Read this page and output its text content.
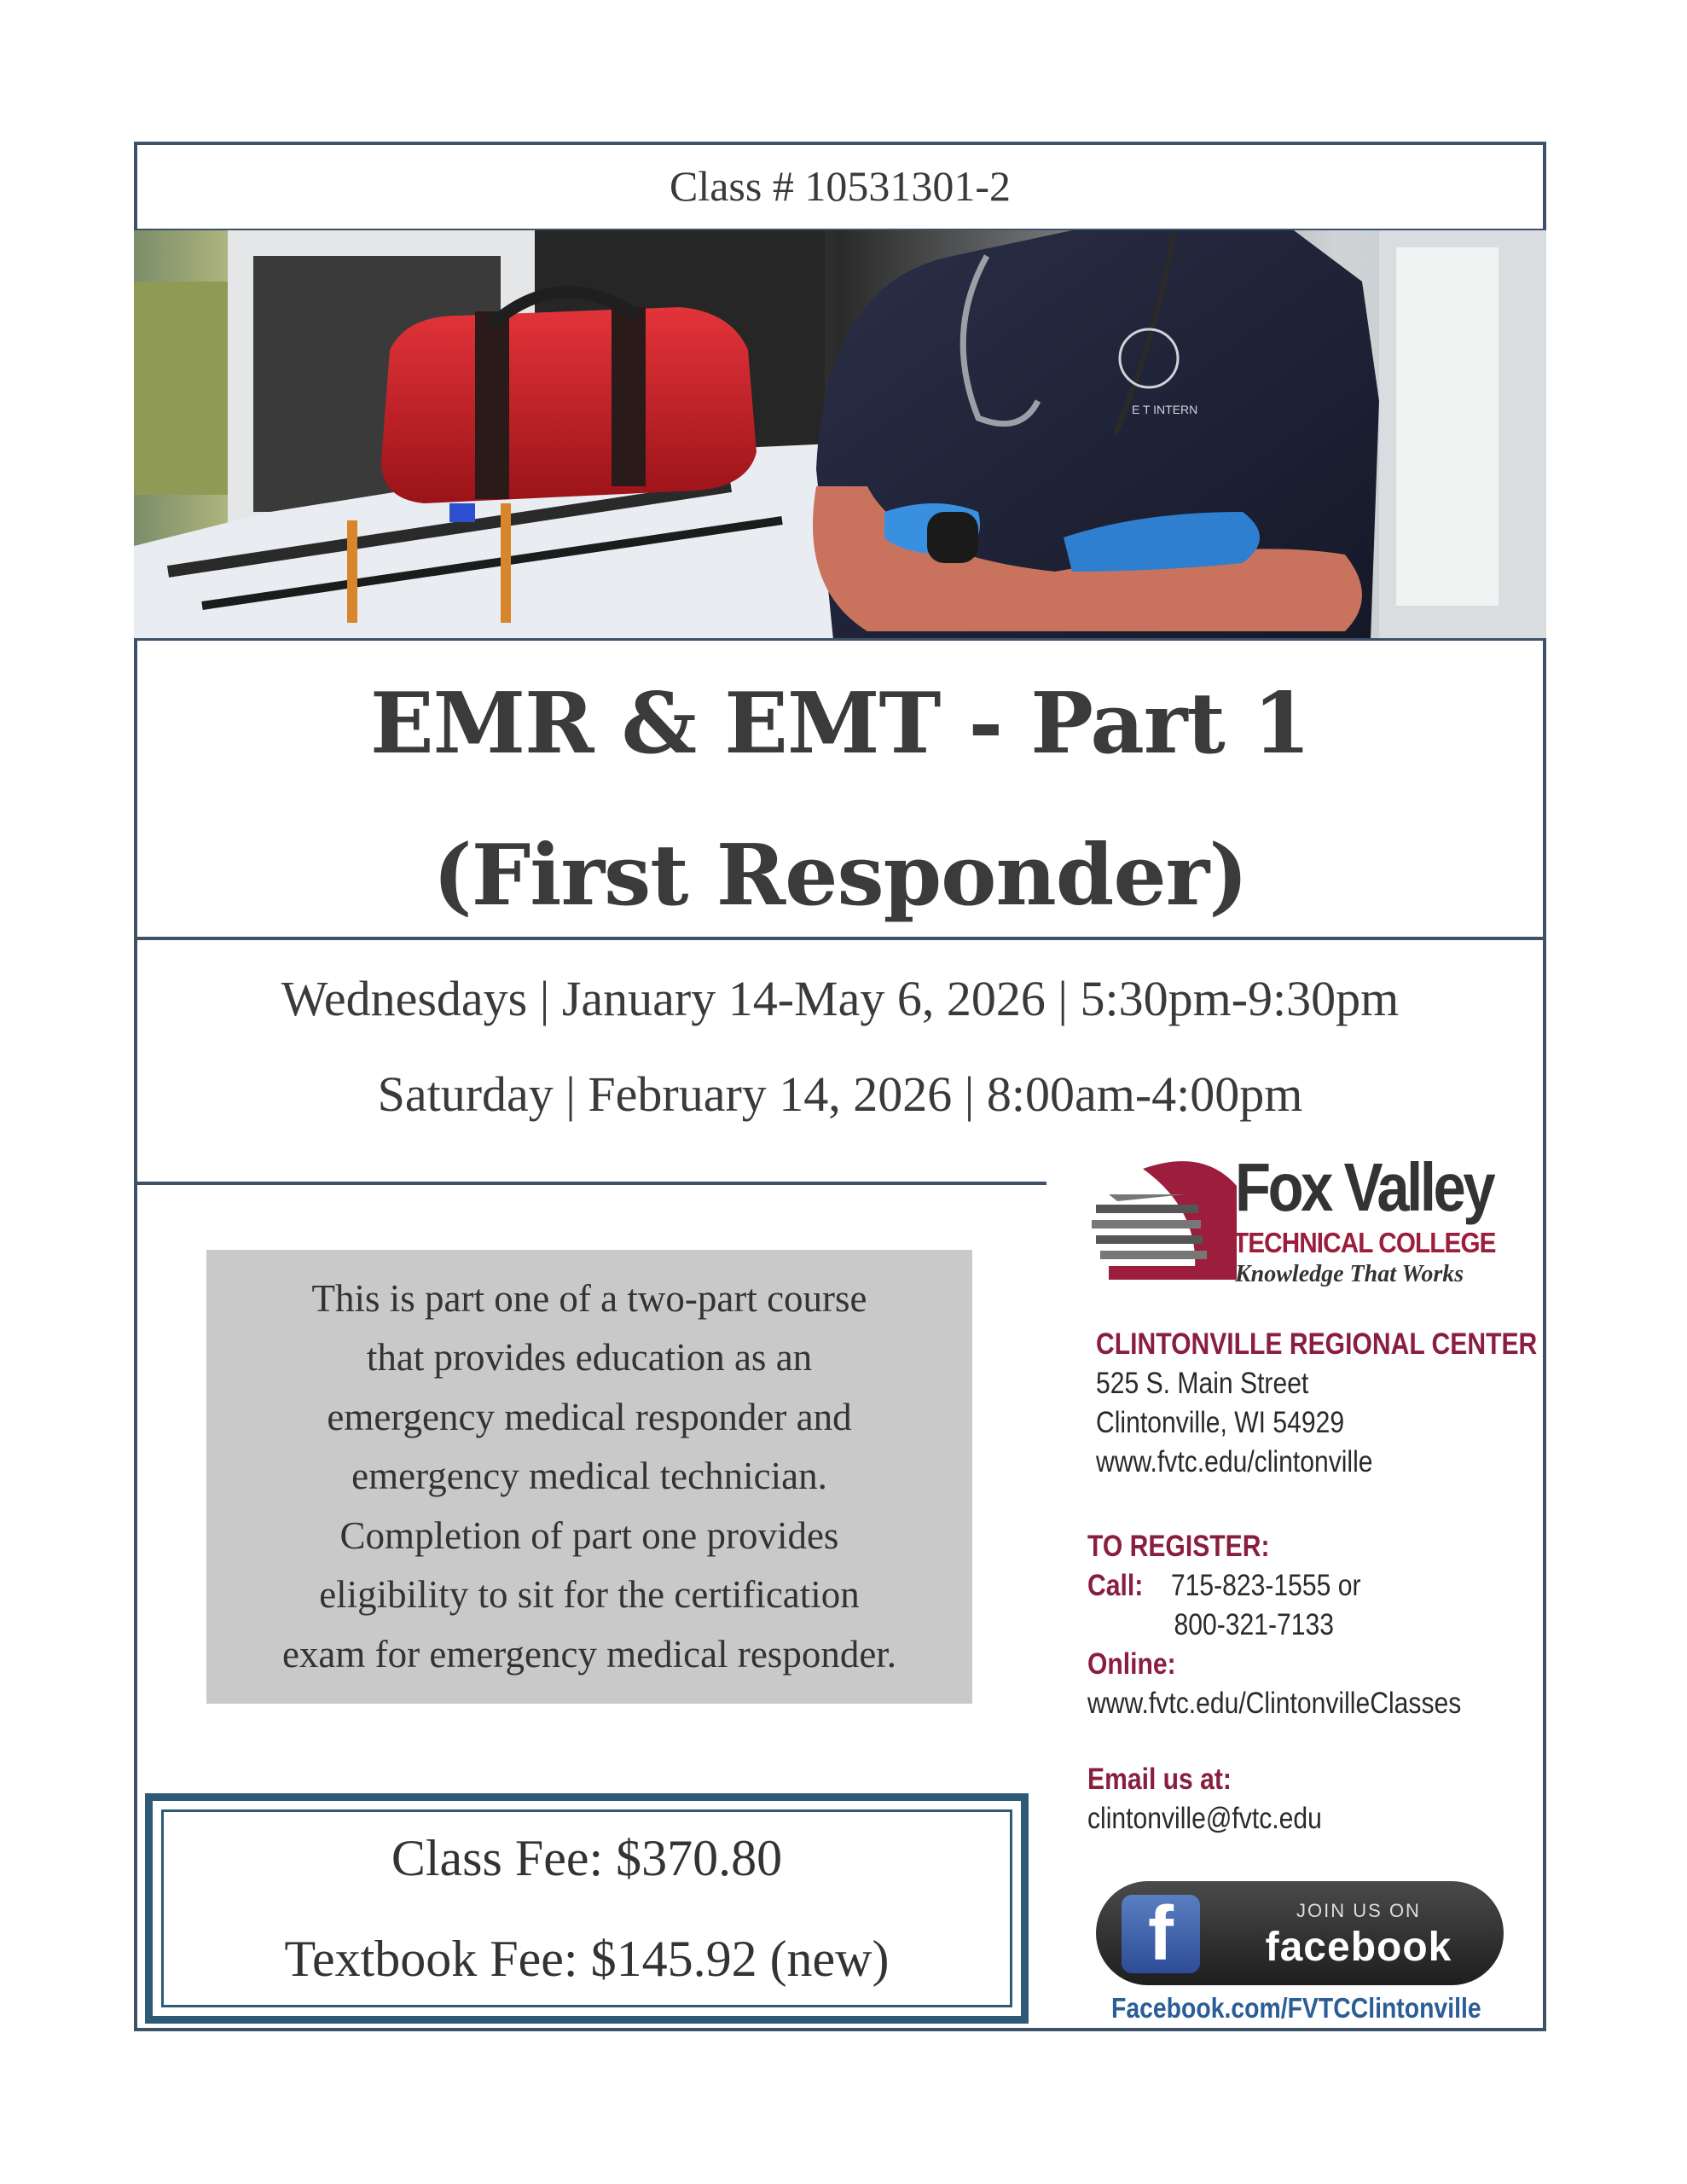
Class # 10531301-2
E T INTERN
EMR & EMT - Part 1
(First Responder)
Wednesdays | January 14-May 6, 2026 | 5:30pm-9:30pm
Saturday | February 14, 2026 | 8:00am-4:00pm
This is part one of a two-part course
that provides education as an
emergency medical responder and
emergency medical technician.
Completion of part one provides
eligibility to sit for the certification
exam for emergency medical responder.
Class Fee: $370.80
Textbook Fee: $145.92 (new)
Fox Valley
TECHNICAL COLLEGE
Knowledge That Works
CLINTONVILLE REGIONAL CENTER
525 S. Main Street
Clintonville, WI 54929
www.fvtc.edu/clintonville
TO REGISTER:
Call: 715-823-1555 or
800-321-7133
Online:
www.fvtc.edu/ClintonvilleClasses
Email us at:
clintonville@fvtc.edu
f	JOIN US ON
facebook
Facebook.com/FVTCClintonville
